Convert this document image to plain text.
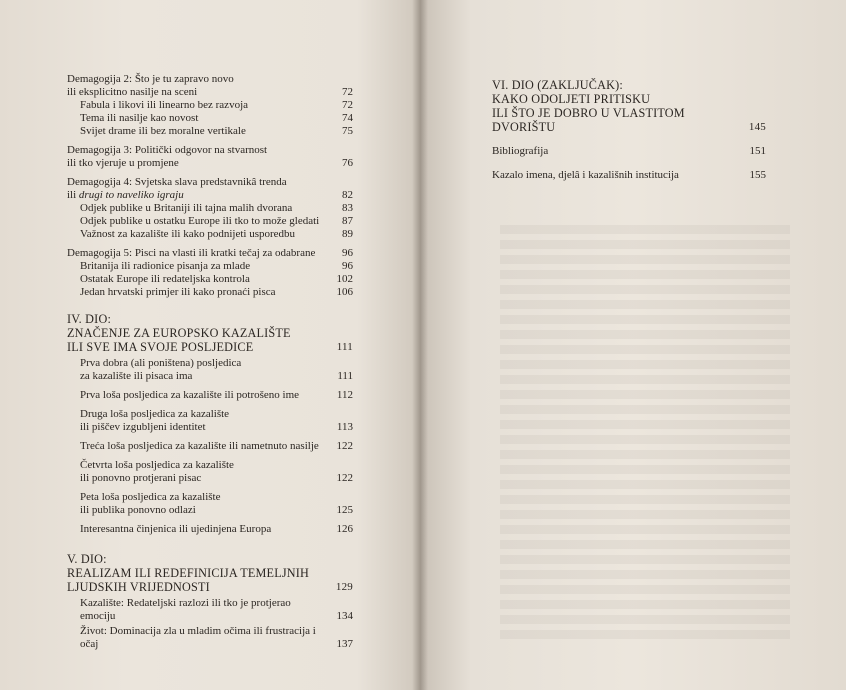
Demagogija 2: Što je tu zapravo novo
ili eksplicitno nasilje na sceni	72
Fabula i likovi ili linearno bez razvoja	72
Tema ili nasilje kao novost	74
Svijet drame ili bez moralne vertikale	75
Demagogija 3: Politički odgovor na stvarnost
ili tko vjeruje u promjene	76
Demagogija 4: Svjetska slava predstavnikâ trenda
ili drugi to naveliko igraju	82
Odjek publike u Britaniji ili tajna malih dvorana	83
Odjek publike u ostatku Europe ili tko to može gledati	87
Važnost za kazalište ili kako podnijeti usporedbu	89
Demagogija 5: Pisci na vlasti ili kratki tečaj za odabrane	96
Britanija ili radionice pisanja za mlade	96
Ostatak Europe ili redateljska kontrola	102
Jedan hrvatski primjer ili kako pronaći pisca	106
IV. DIO:
ZNAČENJE ZA EUROPSKO KAZALIŠTE
ILI SVE IMA SVOJE POSLJEDICE	111
Prva dobra (ali poništena) posljedica
za kazalište ili pisaca ima	111
Prva loša posljedica za kazalište ili potrošeno ime	112
Druga loša posljedica za kazalište
ili piščev izgubljeni identitet	113
Treća loša posljedica za kazalište ili nametnuto nasilje	122
Četvrta loša posljedica za kazalište
ili ponovno protjerani pisac	122
Peta loša posljedica za kazalište
ili publika ponovno odlazi	125
Interesantna činjenica ili ujedinjena Europa	126
V. DIO:
REALIZAM ILI REDEFINICIJA TEMELJNIH
LJUDSKIH VRIJEDNOSTI	129
Kazalište: Redateljski razlozi ili tko je protjerao emociju	134
Život: Dominacija zla u mladim očima ili frustracija i očaj	137
VI. DIO (ZAKLJUČAK):
KAKO ODOLJETI PRITISKU
ILI ŠTO JE DOBRO U VLASTITOM DVORIŠTU	145
Bibliografija	151
Kazalo imena, djelâ i kazališnih institucija	155
